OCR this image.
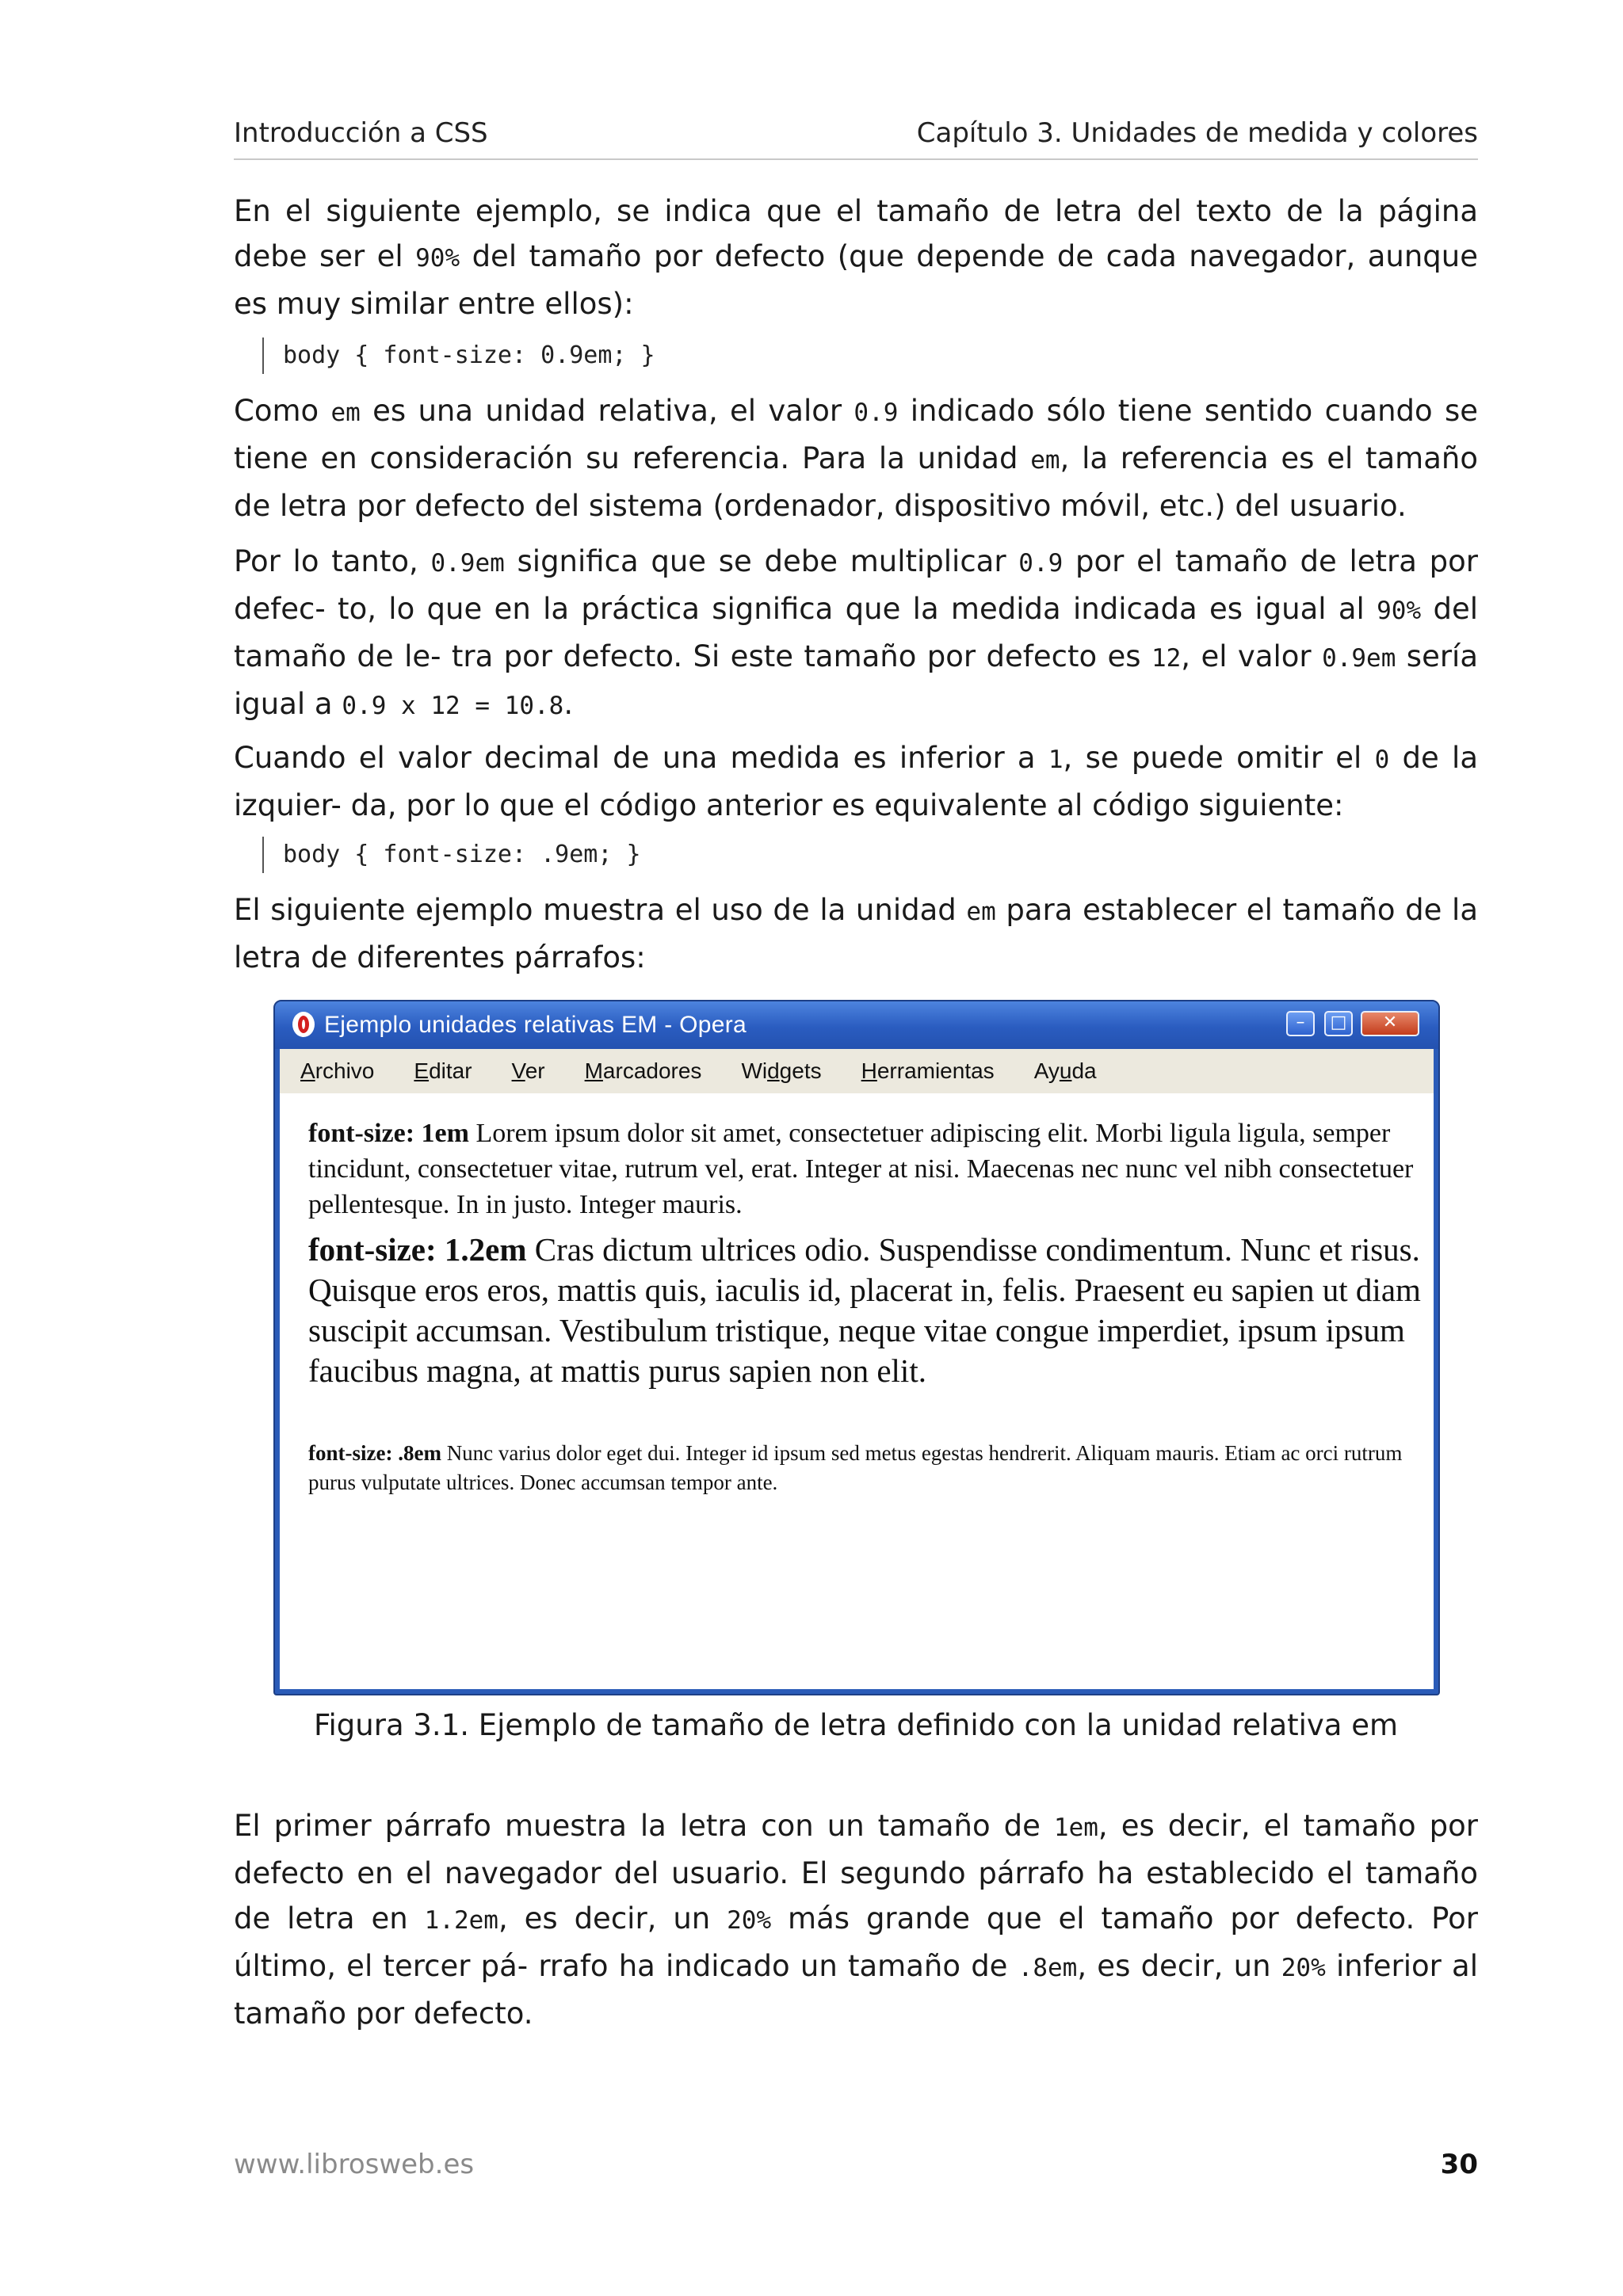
Introducción a CSS	Capítulo 3. Unidades de medida y colores

En el siguiente ejemplo, se indica que el tamaño de letra del texto de la página debe ser el 90% del tamaño por defecto (que depende de cada navegador, aunque es muy similar entre ellos):

body { font-size: 0.9em; }

Como em es una unidad relativa, el valor 0.9 indicado sólo tiene sentido cuando se tiene en consideración su referencia. Para la unidad em, la referencia es el tamaño de letra por defecto del sistema (ordenador, dispositivo móvil, etc.) del usuario.

Por lo tanto, 0.9em significa que se debe multiplicar 0.9 por el tamaño de letra por defec- to, lo que en la práctica significa que la medida indicada es igual al 90% del tamaño de le- tra por defecto. Si este tamaño por defecto es 12, el valor 0.9em sería igual a 0.9 x 12 = 10.8.

Cuando el valor decimal de una medida es inferior a 1, se puede omitir el 0 de la izquier- da, por lo que el código anterior es equivalente al código siguiente:

body { font-size: .9em; }

El siguiente ejemplo muestra el uso de la unidad em para establecer el tamaño de la letra de diferentes párrafos:

Ejemplo unidades relativas EM - Opera	–	□	✕
Archivo Editar Ver Marcadores Widgets Herramientas Ayuda

font-size: 1em Lorem ipsum dolor sit amet, consectetuer adipiscing elit. Morbi ligula ligula, semper tincidunt, consectetuer vitae, rutrum vel, erat. Integer at nisi. Maecenas nec nunc vel nibh consectetuer pellentesque. In in justo. Integer mauris.

font-size: 1.2em Cras dictum ultrices odio. Suspendisse condimentum. Nunc et risus. Quisque eros eros, mattis quis, iaculis id, placerat in, felis. Praesent eu sapien ut diam suscipit accumsan. Vestibulum tristique, neque vitae congue imperdiet, ipsum ipsum faucibus magna, at mattis purus sapien non elit.

font-size: .8em Nunc varius dolor eget dui. Integer id ipsum sed metus egestas hendrerit. Aliquam mauris. Etiam ac orci rutrum purus vulputate ultrices. Donec accumsan tempor ante.

Figura 3.1. Ejemplo de tamaño de letra definido con la unidad relativa em

El primer párrafo muestra la letra con un tamaño de 1em, es decir, el tamaño por defecto en el navegador del usuario. El segundo párrafo ha establecido el tamaño de letra en 1.2em, es decir, un 20% más grande que el tamaño por defecto. Por último, el tercer pá- rrafo ha indicado un tamaño de .8em, es decir, un 20% inferior al tamaño por defecto.

www.librosweb.es	30
